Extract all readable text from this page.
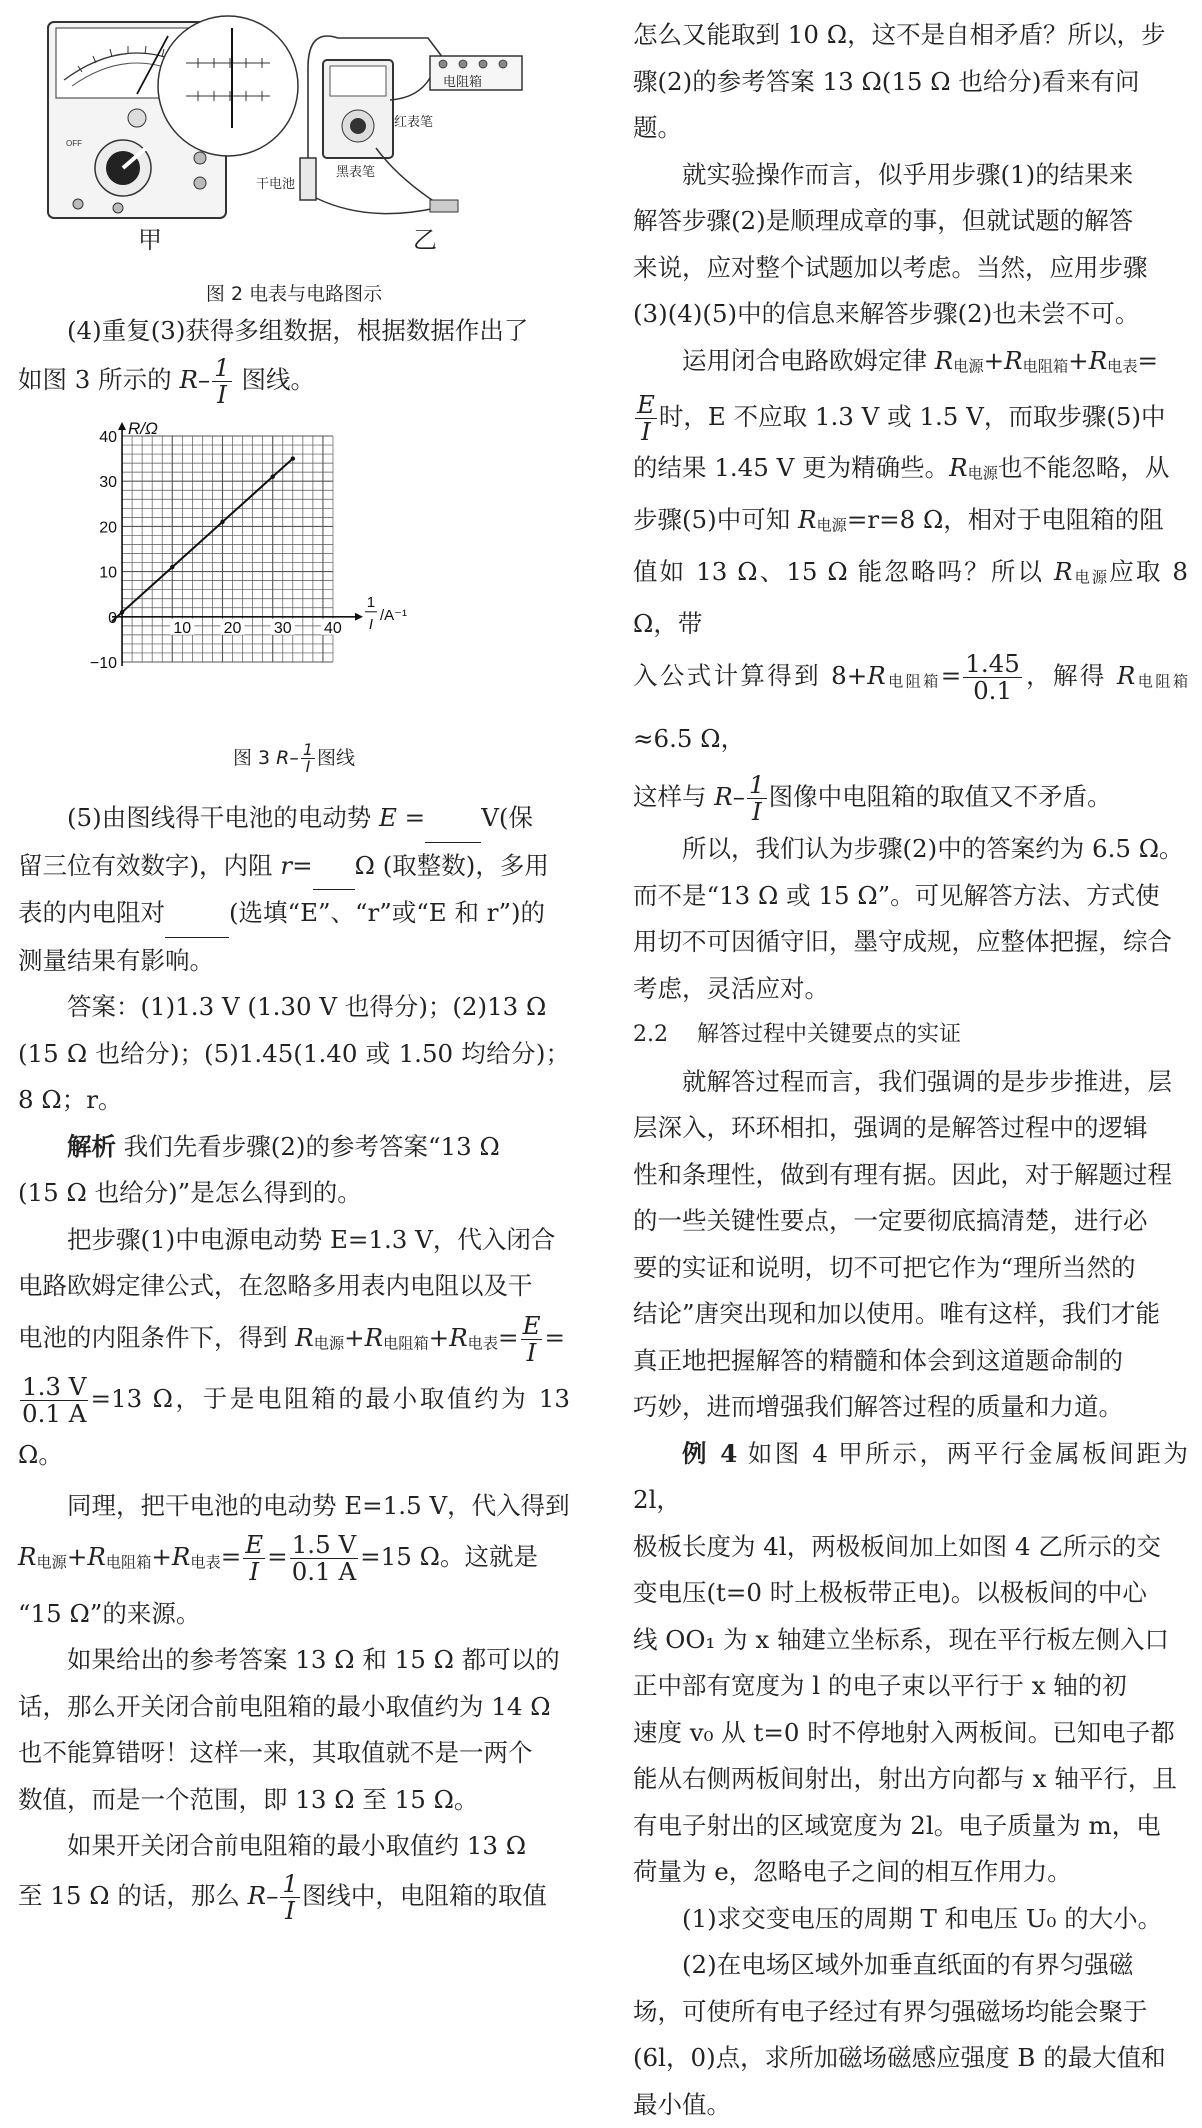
OFF
甲
电阻箱
红表笔
干电池
黑表笔
乙
图 2 电表与电路图示

(4)重复(3)获得多组数据，根据数据作出了

如图 3 所示的 $R- \frac{1}{I}$ 图线。

−10
0
10
20
30
40
10 20 30 40
R/Ω
1
I
/A⁻¹
图 3 $R- \frac{1}{I}$ 图线

(5)由图线得干电池的电动势 E = V(保

留三位有效数字)，内阻 r= Ω (取整数)，多用

表的内电阻对	(选填“E”、“r”或“E 和 r”)的

测量结果有影响。

答案：(1)1.3 V (1.30 V 也得分)；(2)13 Ω

(15 Ω 也给分)；(5)1.45(1.40 或 1.50 均给分)；8 Ω；r。

解析 我们先看步骤(2)的参考答案“13 Ω

(15 Ω 也给分)”是怎么得到的。

把步骤(1)中电源电动势 E=1.3 V，代入闭合

电路欧姆定律公式，在忽略多用表内电阻以及干

电池的内阻条件下，得到 R电源+R电阻箱+R电表= $\frac{E}{I}$ =

$\frac{1.3 V}{0.1 A} =13$ Ω，于是电阻箱的最小取值约为 13 Ω。

同理，把干电池的电动势 E=1.5 V，代入得到

R电源+R电阻箱+R电表= $\frac{E}{I} = \frac{1.5 V}{0.1 A} =15$ Ω。这就是

“15 Ω”的来源。

如果给出的参考答案 13 Ω 和 15 Ω 都可以的

话，那么开关闭合前电阻箱的最小取值约为 14 Ω

也不能算错呀！这样一来，其取值就不是一两个

数值，而是一个范围，即 13 Ω 至 15 Ω。

如果开关闭合前电阻箱的最小取值约 13 Ω

至 15 Ω 的话，那么 $R- \frac{1}{I}$ 图线中，电阻箱的取值

怎么又能取到 10 Ω，这不是自相矛盾？所以，步

骤(2)的参考答案 13 Ω(15 Ω 也给分)看来有问

题。

就实验操作而言，似乎用步骤(1)的结果来

解答步骤(2)是顺理成章的事，但就试题的解答

来说，应对整个试题加以考虑。当然，应用步骤

(3)(4)(5)中的信息来解答步骤(2)也未尝不可。

运用闭合电路欧姆定律 R电源+R电阻箱+R电表=

$\frac{E}{I}$ 时，E 不应取 1.3 V 或 1.5 V，而取步骤(5)中

的结果 1.45 V 更为精确些。R电源也不能忽略，从

步骤(5)中可知 R电源=r=8 Ω，相对于电阻箱的阻

值如 13 Ω、15 Ω 能忽略吗？所以 R电源应取 8 Ω，带

入公式计算得到 8+R电阻箱= $\frac{1.45}{0.1}$ ，解得 R电阻箱≈6.5 Ω，

这样与 $R- \frac{1}{I}$ 图像中电阻箱的取值又不矛盾。

所以，我们认为步骤(2)中的答案约为 6.5 Ω。

而不是“13 Ω 或 15 Ω”。可见解答方法、方式使

用切不可因循守旧，墨守成规，应整体把握，综合

考虑，灵活应对。

2.2　 解答过程中关键要点的实证

就解答过程而言，我们强调的是步步推进，层

层深入，环环相扣，强调的是解答过程中的逻辑

性和条理性，做到有理有据。因此，对于解题过程

的一些关键性要点，一定要彻底搞清楚，进行必

要的实证和说明，切不可把它作为“理所当然的

结论”唐突出现和加以使用。唯有这样，我们才能

真正地把握解答的精髓和体会到这道题命制的

巧妙，进而增强我们解答过程的质量和力道。

例 4 如图 4 甲所示，两平行金属板间距为 2l，

极板长度为 4l，两极板间加上如图 4 乙所示的交

变电压(t=0 时上极板带正电)。以极板间的中心

线 OO₁ 为 x 轴建立坐标系，现在平行板左侧入口

正中部有宽度为 l 的电子束以平行于 x 轴的初

速度 v₀ 从 t=0 时不停地射入两板间。已知电子都

能从右侧两板间射出，射出方向都与 x 轴平行，且

有电子射出的区域宽度为 2l。电子质量为 m，电

荷量为 e，忽略电子之间的相互作用力。

(1)求交变电压的周期 T 和电压 U₀ 的大小。

(2)在电场区域外加垂直纸面的有界匀强磁

场，可使所有电子经过有界匀强磁场均能会聚于

(6l，0)点，求所加磁场磁感应强度 B 的最大值和

最小值。
